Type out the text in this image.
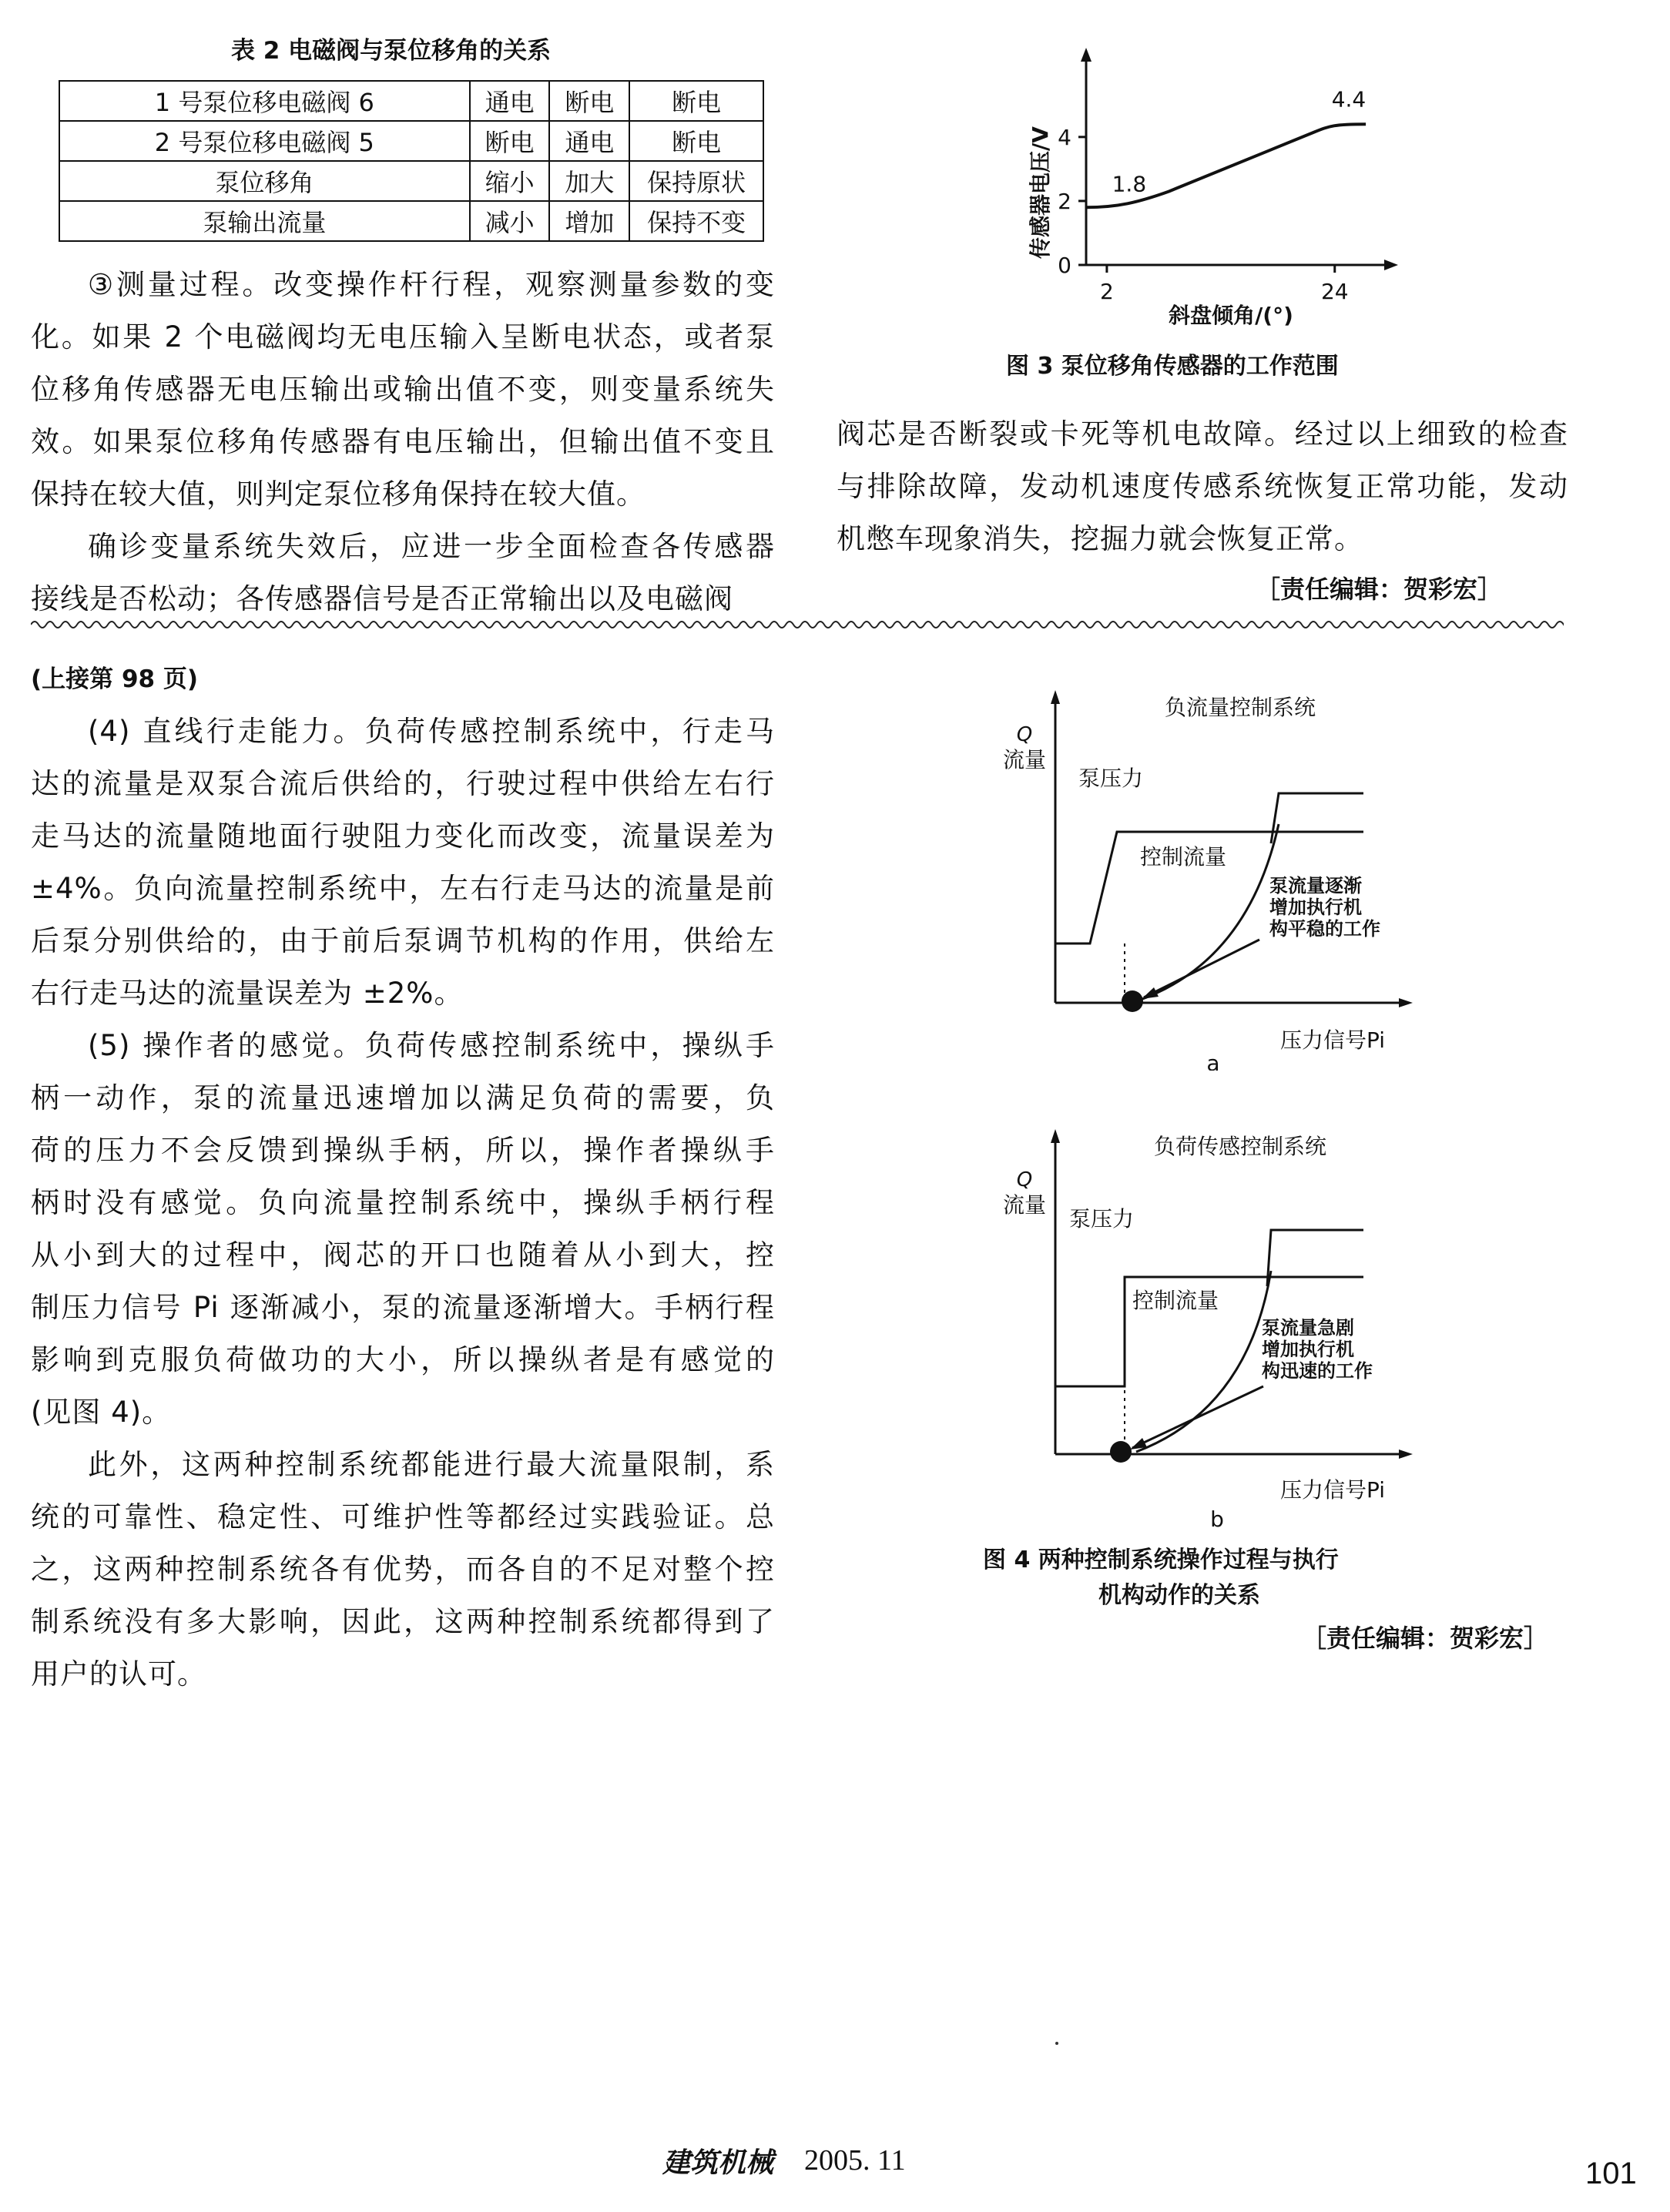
表 2 电磁阀与泵位移角的关系
1 号泵位移电磁阀 6	通电	断电	断电
2 号泵位移电磁阀 5	断电	通电	断电
泵位移角	缩小	加大	保持原状
泵输出流量	减小	增加	保持不变
③测量过程。改变操作杆行程，观察测量参数的变
化。如果 2 个电磁阀均无电压输入呈断电状态，或者泵
位移角传感器无电压输出或输出值不变，则变量系统失
效。如果泵位移角传感器有电压输出，但输出值不变且
保持在较大值，则判定泵位移角保持在较大值。
确诊变量系统失效后，应进一步全面检查各传感器
接线是否松动；各传感器信号是否正常输出以及电磁阀
传感器电压/V
斜盘倾角/(°)
0
2
4
2	24
1.8
4.4
图 3 泵位移角传感器的工作范围
阀芯是否断裂或卡死等机电故障。经过以上细致的检查
与排除故障，发动机速度传感系统恢复正常功能，发动
机憋车现象消失，挖掘力就会恢复正常。
［责任编辑：贺彩宏］
(上接第 98 页)
(4) 直线行走能力。负荷传感控制系统中，行走马
达的流量是双泵合流后供给的，行驶过程中供给左右行
走马达的流量随地面行驶阻力变化而改变，流量误差为
±4%。负向流量控制系统中，左右行走马达的流量是前
后泵分别供给的，由于前后泵调节机构的作用，供给左
右行走马达的流量误差为 ±2%。
(5) 操作者的感觉。负荷传感控制系统中，操纵手
柄一动作，泵的流量迅速增加以满足负荷的需要，负
荷的压力不会反馈到操纵手柄，所以，操作者操纵手
柄时没有感觉。负向流量控制系统中，操纵手柄行程
从小到大的过程中，阀芯的开口也随着从小到大，控
制压力信号 Pi 逐渐减小，泵的流量逐渐增大。手柄行程
影响到克服负荷做功的大小，所以操纵者是有感觉的
(见图 4)。
此外，这两种控制系统都能进行最大流量限制，系
统的可靠性、稳定性、可维护性等都经过实践验证。总
之，这两种控制系统各有优势，而各自的不足对整个控
制系统没有多大影响，因此，这两种控制系统都得到了
用户的认可。
负流量控制系统
Q
流量
泵压力
控制流量
泵流量逐渐
增加执行机
构平稳的工作
压力信号Pi
a
负荷传感控制系统
Q
流量
泵压力
控制流量
泵流量急剧
增加执行机
构迅速的工作
压力信号Pi
b
图 4 两种控制系统操作过程与执行
机构动作的关系
［责任编辑：贺彩宏］
建筑机械 2005. 11	101
